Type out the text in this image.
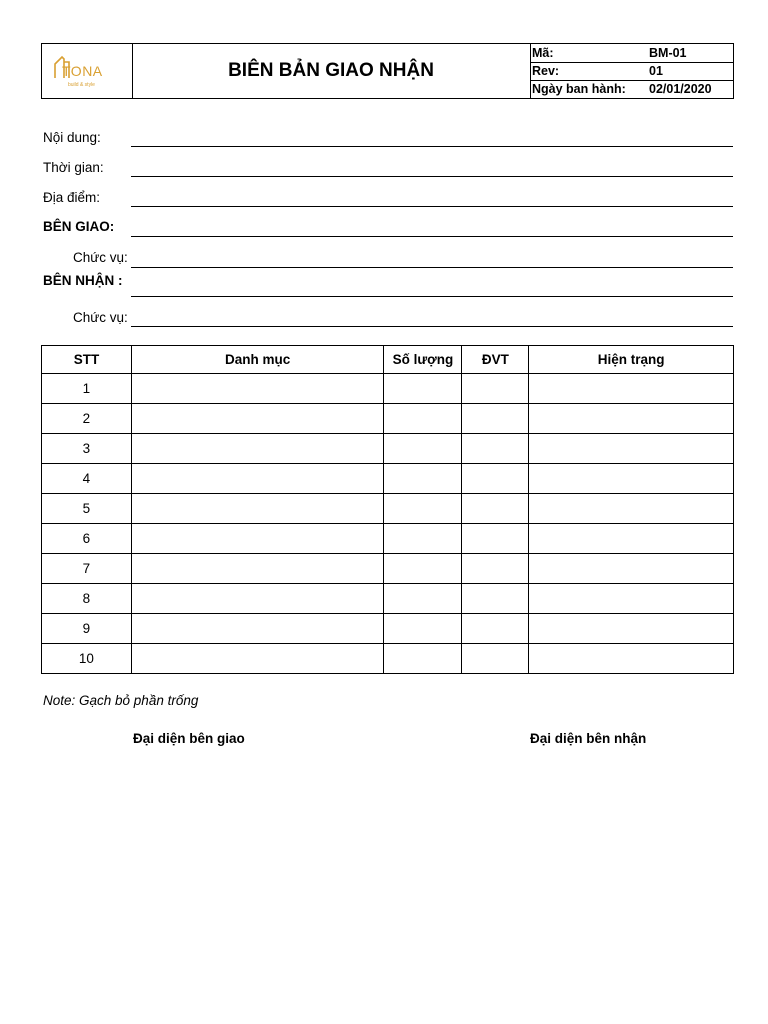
TONA
build & style
BIÊN BẢN GIAO NHẬN
Mã:	BM-01
Rev:	01
Ngày ban hành: 02/01/2020
Nội dung:
Thời gian:
Địa điểm:
BÊN GIAO:
Chức vụ:
BÊN NHẬN :
Chức vụ:
STT	Danh mục	Số lượng	ĐVT	Hiện trạng
1				
2				
3				
4				
5				
6				
7				
8				
9				
10				
Note: Gạch bỏ phần trống
Đại diện bên giao	Đại diện bên nhận
